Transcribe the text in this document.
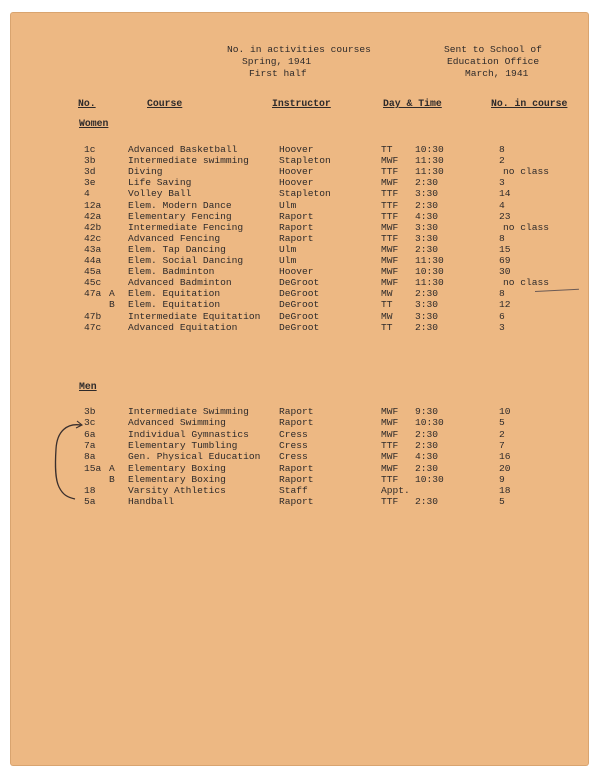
No. in activities courses
Spring, 1941
First half
Sent to School of
Education Office
March, 1941
No.	Course	Instructor	Day & Time	No. in course
Women
1c	Advanced Basketball	Hoover	TT 10:30	8
3b	Intermediate swimming	Stapleton	MWF 11:30	2
3d	Diving	Hoover	TTF 11:30	no class
3e	Life Saving	Hoover	MWF 2:30	3
4	Volley Ball	Stapleton	TTF 3:30	14
12a	Elem. Modern Dance	Ulm	TTF 2:30	4
42a	Elementary Fencing	Raport	TTF 4:30	23
42b	Intermediate Fencing	Raport	MWF 3:30	no class
42c	Advanced Fencing	Raport	TTF 3:30	8
43a	Elem. Tap Dancing	Ulm	MWF 2:30	15
44a	Elem. Social Dancing	Ulm	MWF 11:30	69
45a	Elem. Badminton	Hoover	MWF 10:30	30
45c	Advanced Badminton	DeGroot	MWF 11:30	no class
47a A Elem. Equitation	DeGroot	MW 2:30	8
B Elem. Equitation	DeGroot	TT 3:30	12
47b	Intermediate Equitation DeGroot	MW 3:30	6
47c	Advanced Equitation	DeGroot	TT 2:30	3
Men
3b	Intermediate Swimming	Raport	MWF 9:30	10
3c	Advanced Swimming	Raport	MWF 10:30	5
6a	Individual Gymnastics	Cress	MWF 2:30	2
7a	Elementary Tumbling	Cress	TTF 2:30	7
8a	Gen. Physical Education Cress	MWF 4:30	16
15a A Elementary Boxing	Raport	MWF 2:30	20
B Elementary Boxing	Raport	TTF 10:30	9
18	Varsity Athletics	Staff	Appt.	18
5a	Handball	Raport	TTF 2:30	5
